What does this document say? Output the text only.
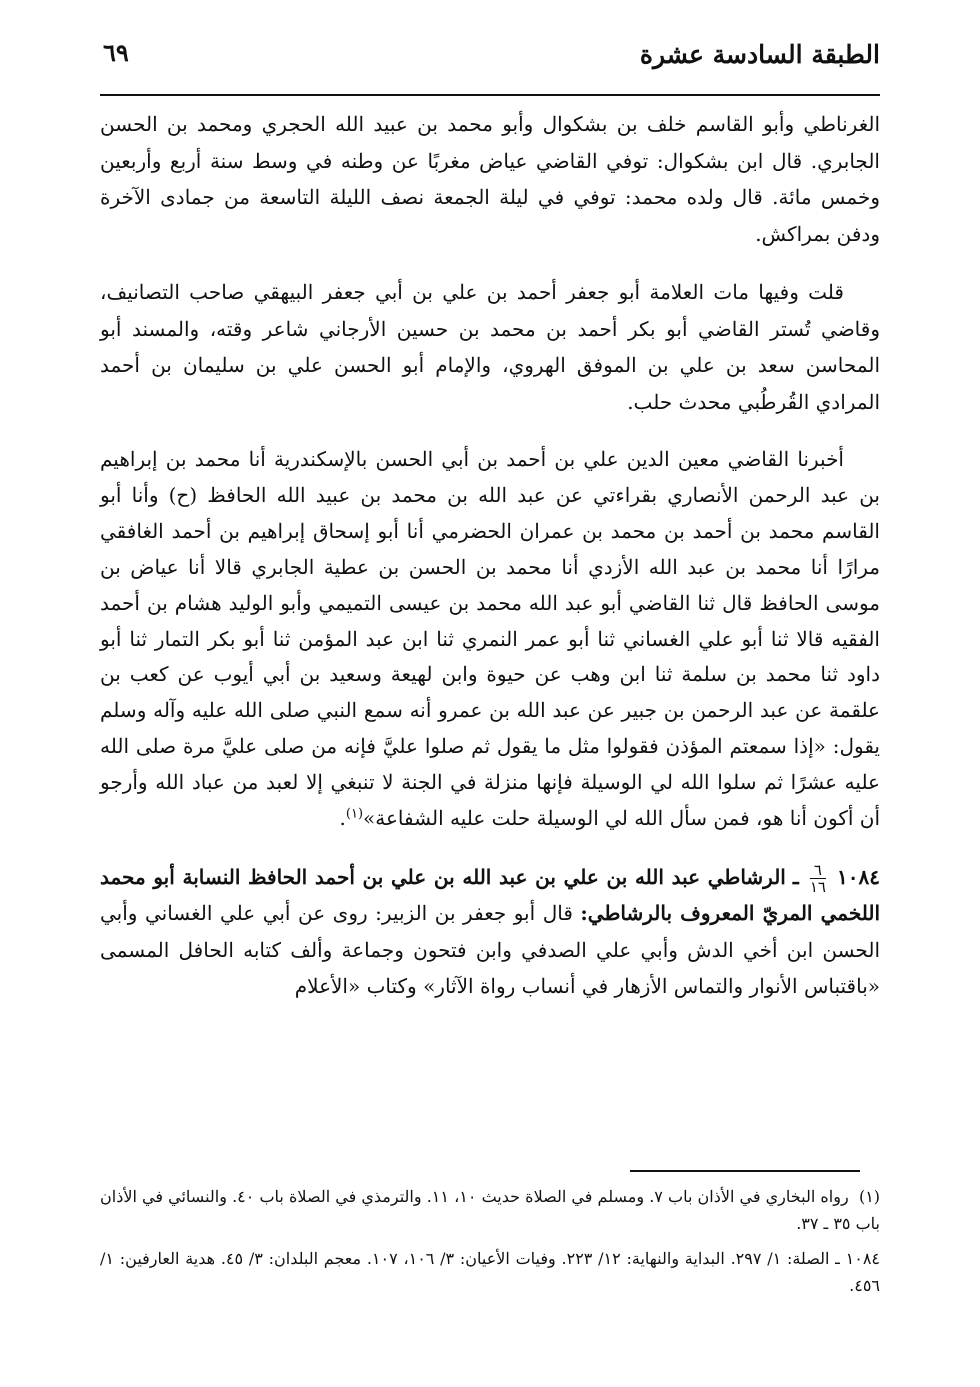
الطبقة السادسة عشرة
٦٩

الغرناطي وأبو القاسم خلف بن بشكوال وأبو محمد بن عبيد الله الحجري ومحمد بن الحسن الجابري. قال ابن بشكوال: توفي القاضي عياض مغربًا عن وطنه في وسط سنة أربع وأربعين وخمس مائة. قال ولده محمد: توفي في ليلة الجمعة نصف الليلة التاسعة من جمادى الآخرة ودفن بمراكش.

قلت وفيها مات العلامة أبو جعفر أحمد بن علي بن أبي جعفر البيهقي صاحب التصانيف، وقاضي تُستر القاضي أبو بكر أحمد بن محمد بن حسين الأرجاني شاعر وقته، والمسند أبو المحاسن سعد بن علي بن الموفق الهروي، والإمام أبو الحسن علي بن سليمان بن أحمد المرادي القُرطُبي محدث حلب.

أخبرنا القاضي معين الدين علي بن أحمد بن أبي الحسن بالإسكندرية أنا محمد بن إبراهيم بن عبد الرحمن الأنصاري بقراءتي عن عبد الله بن محمد بن عبيد الله الحافظ (ح) وأنا أبو القاسم محمد بن أحمد بن محمد بن عمران الحضرمي أنا أبو إسحاق إبراهيم بن أحمد الغافقي مرارًا أنا محمد بن عبد الله الأزدي أنا محمد بن الحسن بن عطية الجابري قالا أنا عياض بن موسى الحافظ قال ثنا القاضي أبو عبد الله محمد بن عيسى التميمي وأبو الوليد هشام بن أحمد الفقيه قالا ثنا أبو علي الغساني ثنا أبو عمر النمري ثنا ابن عبد المؤمن ثنا أبو بكر التمار ثنا أبو داود ثنا محمد بن سلمة ثنا ابن وهب عن حيوة وابن لهيعة وسعيد بن أبي أيوب عن كعب بن علقمة عن عبد الرحمن بن جبير عن عبد الله بن عمرو أنه سمع النبي صلى الله عليه وآله وسلم يقول: «إذا سمعتم المؤذن فقولوا مثل ما يقول ثم صلوا عليَّ فإنه من صلى عليَّ مرة صلى الله عليه عشرًا ثم سلوا الله لي الوسيلة فإنها منزلة في الجنة لا تنبغي إلا لعبد من عباد الله وأرجو أن أكون أنا هو، فمن سأل الله لي الوسيلة حلت عليه الشفاعة»$^{(١)}$.

١٠٨٤
$\frac{٦}{١٦}$
ـ الرشاطي عبد الله بن علي بن عبد الله بن علي بن أحمد الحافظ النسابة أبو محمد اللخمي المريّ المعروف بالرشاطي: قال أبو جعفر بن الزبير: روى عن أبي علي الغساني وأبي الحسن ابن أخي الدش وأبي علي الصدفي وابن فتحون وجماعة وألف كتابه الحافل المسمى «باقتباس الأنوار والتماس الأزهار في أنساب رواة الآثار» وكتاب «الأعلام

(١)  رواه البخاري في الأذان باب ٧. ومسلم في الصلاة حديث ١٠، ١١. والترمذي في الصلاة باب ٤٠. والنسائي في الأذان باب ٣٥ ـ ٣٧.

١٠٨٤ ـ الصلة: ١/ ٢٩٧. البداية والنهاية: ١٢/ ٢٢٣. وفيات الأعيان: ٣/ ١٠٦، ١٠٧. معجم البلدان: ٣/ ٤٥. هدية العارفين: ١/ ٤٥٦.
